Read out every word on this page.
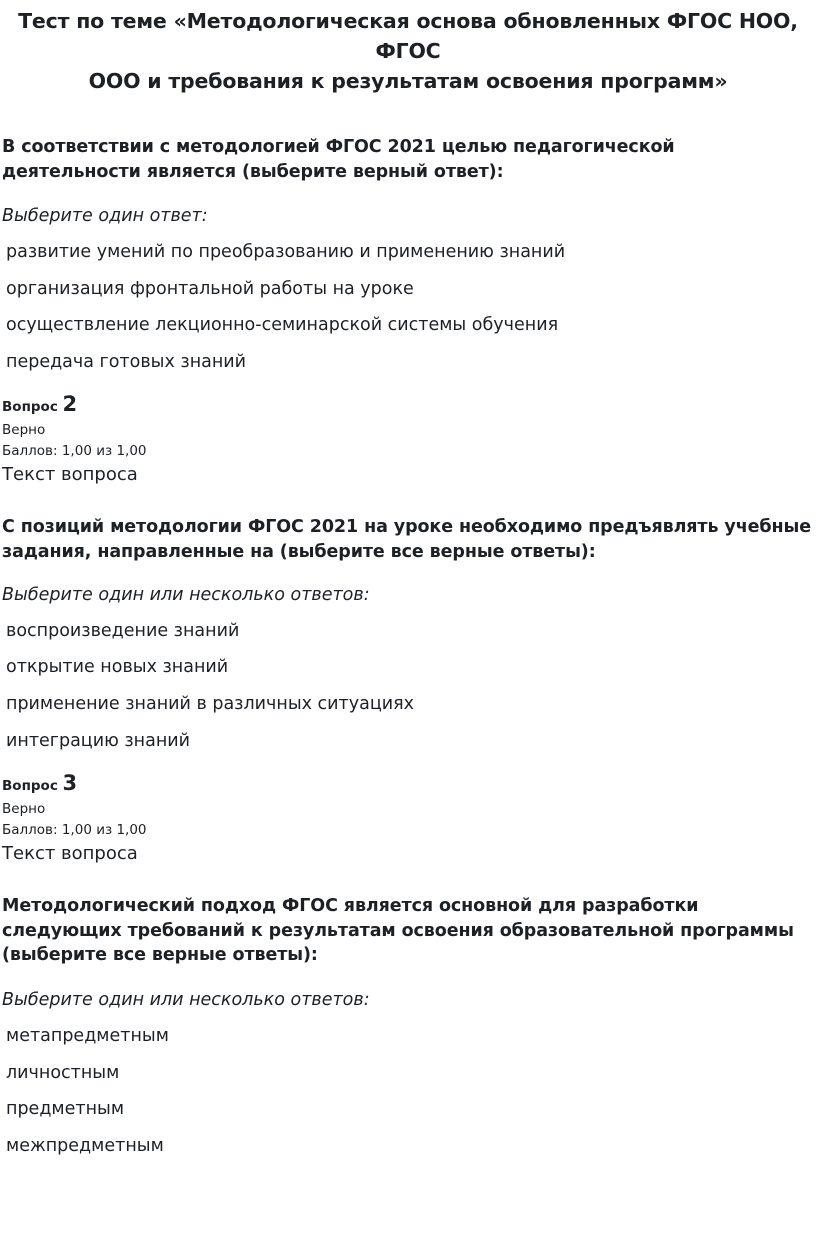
Тест по теме «Методологическая основа обновленных ФГОС НОО, ФГОС
ООО и требования к результатам освоения программ»
В соответствии с методологией ФГОС 2021 целью педагогической деятельности является (выберите верный ответ):
Выберите один ответ:
развитие умений по преобразованию и применению знаний
организация фронтальной работы на уроке
осуществление лекционно-семинарской системы обучения
передача готовых знаний
Вопрос 2
Верно
Баллов: 1,00 из 1,00
Текст вопроса
С позиций методологии ФГОС 2021 на уроке необходимо предъявлять учебные задания, направленные на (выберите все верные ответы):
Выберите один или несколько ответов:
воспроизведение знаний
открытие новых знаний
применение знаний в различных ситуациях
интеграцию знаний
Вопрос 3
Верно
Баллов: 1,00 из 1,00
Текст вопроса
Методологический подход ФГОС является основной для разработки следующих требований к результатам освоения образовательной программы (выберите все верные ответы):
Выберите один или несколько ответов:
метапредметным
личностным
предметным
межпредметным
